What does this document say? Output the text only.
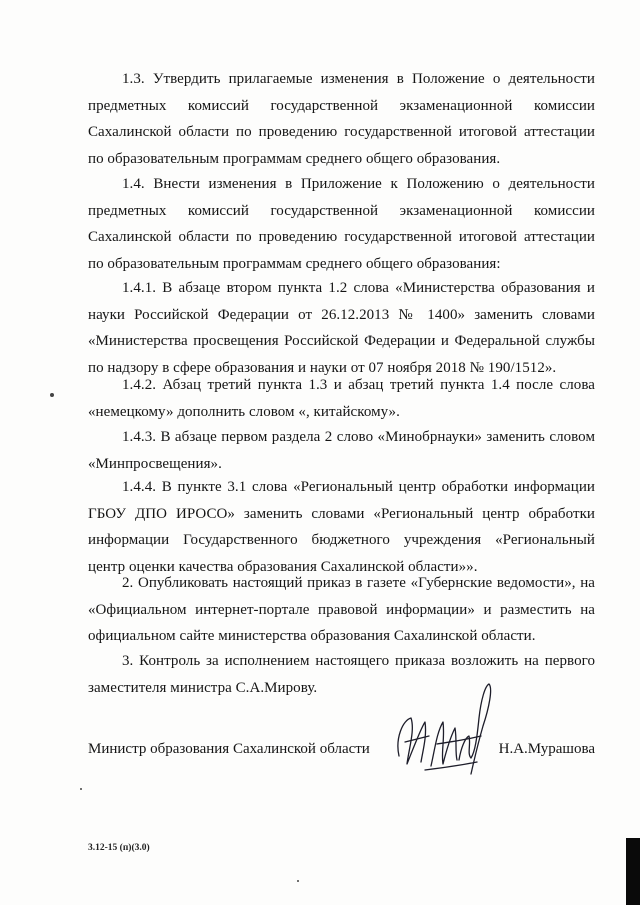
1.3. Утвердить прилагаемые изменения в Положение о деятельности предметных комиссий государственной экзаменационной комиссии Сахалинской области по проведению государственной итоговой аттестации по образовательным программам среднего общего образования.

1.4. Внести изменения в Приложение к Положению о деятельности предметных комиссий государственной экзаменационной комиссии Сахалинской области по проведению государственной итоговой аттестации по образовательным программам среднего общего образования:

1.4.1. В абзаце втором пункта 1.2 слова «Министерства образования и науки Российской Федерации от 26.12.2013 № 1400» заменить словами «Министерства просвещения Российской Федерации и Федеральной службы по надзору в сфере образования и науки от 07 ноября 2018 № 190/1512».

1.4.2. Абзац третий пункта 1.3 и абзац третий пункта 1.4 после слова «немецкому» дополнить словом «, китайскому».

1.4.3. В абзаце первом раздела 2 слово «Минобрнауки» заменить словом «Минпросвещения».

1.4.4. В пункте 3.1 слова «Региональный центр обработки информации ГБОУ ДПО ИРОСО» заменить словами «Региональный центр обработки информации Государственного бюджетного учреждения «Региональный центр оценки качества образования Сахалинской области»».

2. Опубликовать настоящий приказ в газете «Губернские ведомости», на «Официальном интернет-портале правовой информации» и разместить на официальном сайте министерства образования Сахалинской области.

3. Контроль за исполнением настоящего приказа возложить на первого заместителя министра С.А.Мирову.

Министр образования Сахалинской области	Н.А.Мурашова
3.12-15 (п)(3.0)
